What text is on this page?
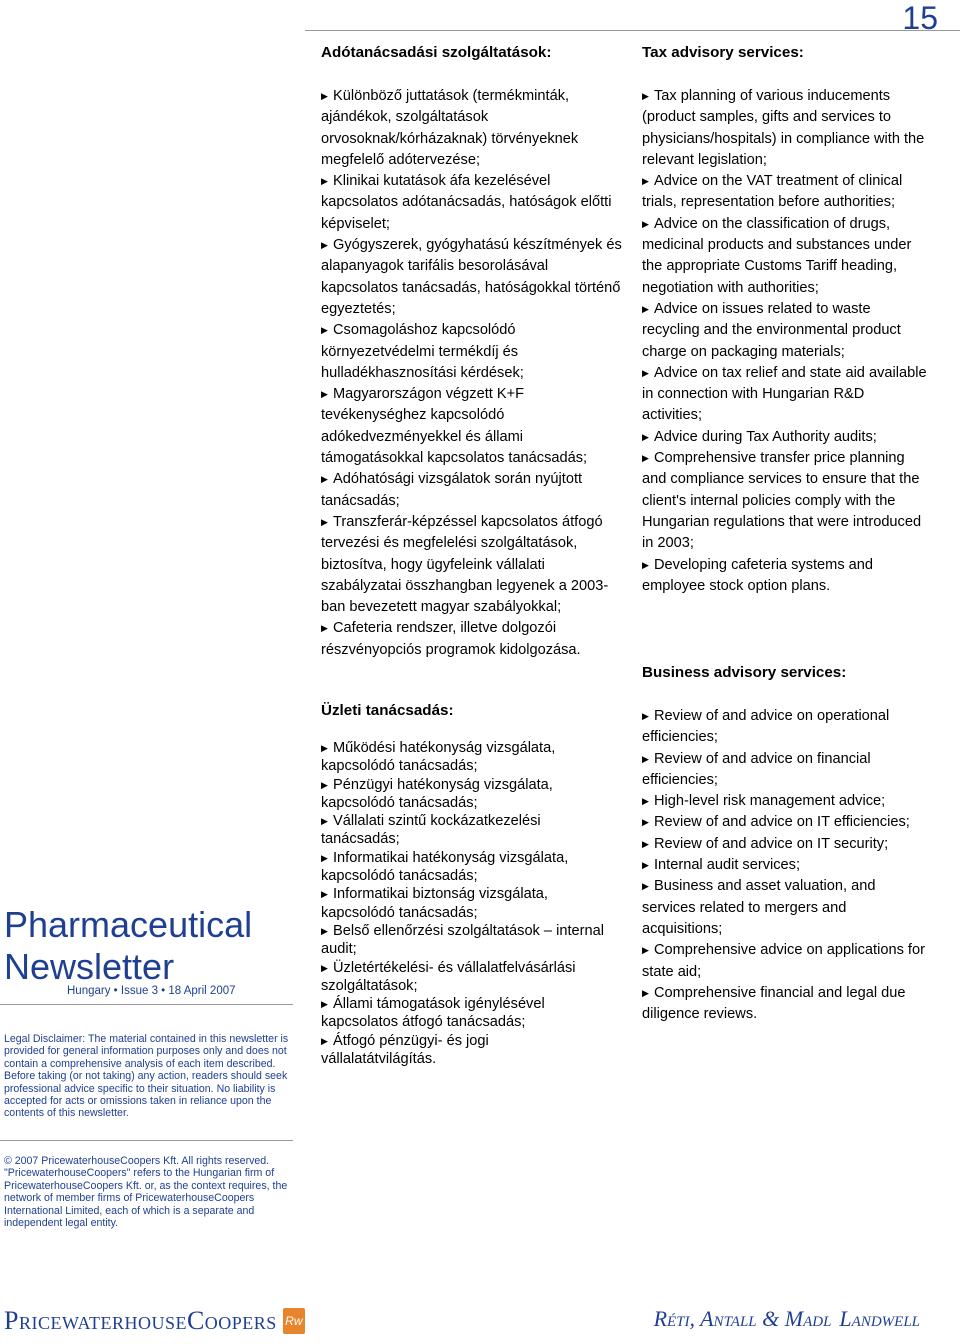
15
Adótanácsadási szolgáltatások:	Tax advisory services:
▶ Különböző juttatások (termékminták, ajándékok, szolgáltatások orvosoknak/kórházaknak) törvényeknek megfelelő adótervezése;
▶ Klinikai kutatások áfa kezelésével kapcsolatos adótanácsadás, hatóságok előtti képviselet;
▶ Gyógyszerek, gyógyhatású készítmények és alapanyagok tarifális besorolásával kapcsolatos tanácsadás, hatóságokkal történő egyeztetés;
▶ Csomagoláshoz kapcsolódó környezetvédelmi termékdíj és hulladékhasznosítási kérdések;
▶ Magyarországon végzett K+F tevékenységhez kapcsolódó adókedvezményekkel és állami támogatásokkal kapcsolatos tanácsadás;
▶ Adóhatósági vizsgálatok során nyújtott tanácsadás;
▶ Transzferár-képzéssel kapcsolatos átfogó tervezési és megfelelési szolgáltatások, biztosítva, hogy ügyfeleink vállalati szabályzatai összhangban legyenek a 2003-ban bevezetett magyar szabályokkal;
▶ Cafeteria rendszer, illetve dolgozói részvényopciós programok kidolgozása.
▶ Tax planning of various inducements (product samples, gifts and services to physicians/hospitals) in compliance with the relevant legislation;
▶ Advice on the VAT treatment of clinical trials, representation before authorities;
▶ Advice on the classification of drugs, medicinal products and substances under the appropriate Customs Tariff heading, negotiation with authorities;
▶ Advice on issues related to waste recycling and the environmental product charge on packaging materials;
▶ Advice on tax relief and state aid available in connection with Hungarian R&D activities;
▶ Advice during Tax Authority audits;
▶ Comprehensive transfer price planning and compliance services to ensure that the client's internal policies comply with the Hungarian regulations that were introduced in 2003;
▶ Developing cafeteria systems and employee stock option plans.
Üzleti tanácsadás:
Business advisory services:
▶ Működési hatékonyság vizsgálata, kapcsolódó tanácsadás;
▶ Pénzügyi hatékonyság vizsgálata, kapcsolódó tanácsadás;
▶ Vállalati szintű kockázatkezelési tanácsadás;
▶ Informatikai hatékonyság vizsgálata, kapcsolódó tanácsadás;
▶ Informatikai biztonság vizsgálata, kapcsolódó tanácsadás;
▶ Belső ellenőrzési szolgáltatások – internal audit;
▶ Üzletértékelési- és vállalatfelvásárlási szolgáltatások;
▶ Állami támogatások igénylésével kapcsolatos átfogó tanácsadás;
▶ Átfogó pénzügyi- és jogi vállalatátvilágítás.
▶ Review of and advice on operational efficiencies;
▶ Review of and advice on financial efficiencies;
▶ High-level risk management advice;
▶ Review of and advice on IT efficiencies;
▶ Review of and advice on IT security;
▶ Internal audit services;
▶ Business and asset valuation, and services related to mergers and acquisitions;
▶ Comprehensive advice on applications for state aid;
▶ Comprehensive financial and legal due diligence reviews.
Pharmaceutical
Newsletter
Hungary • Issue 3 • 18 April 2007
Legal Disclaimer: The material contained in this newsletter is provided for general information purposes only and does not contain a comprehensive analysis of each item described. Before taking (or not taking) any action, readers should seek professional advice specific to their situation. No liability is accepted for acts or omissions taken in reliance upon the contents of this newsletter.
© 2007 PricewaterhouseCoopers Kft. All rights reserved. "PricewaterhouseCoopers" refers to the Hungarian firm of PricewaterhouseCoopers Kft. or, as the context requires, the network of member firms of PricewaterhouseCoopers International Limited, each of which is a separate and independent legal entity.
PricewaterhouseCoopers Rw	Réti, Antall & Madl Landwell
